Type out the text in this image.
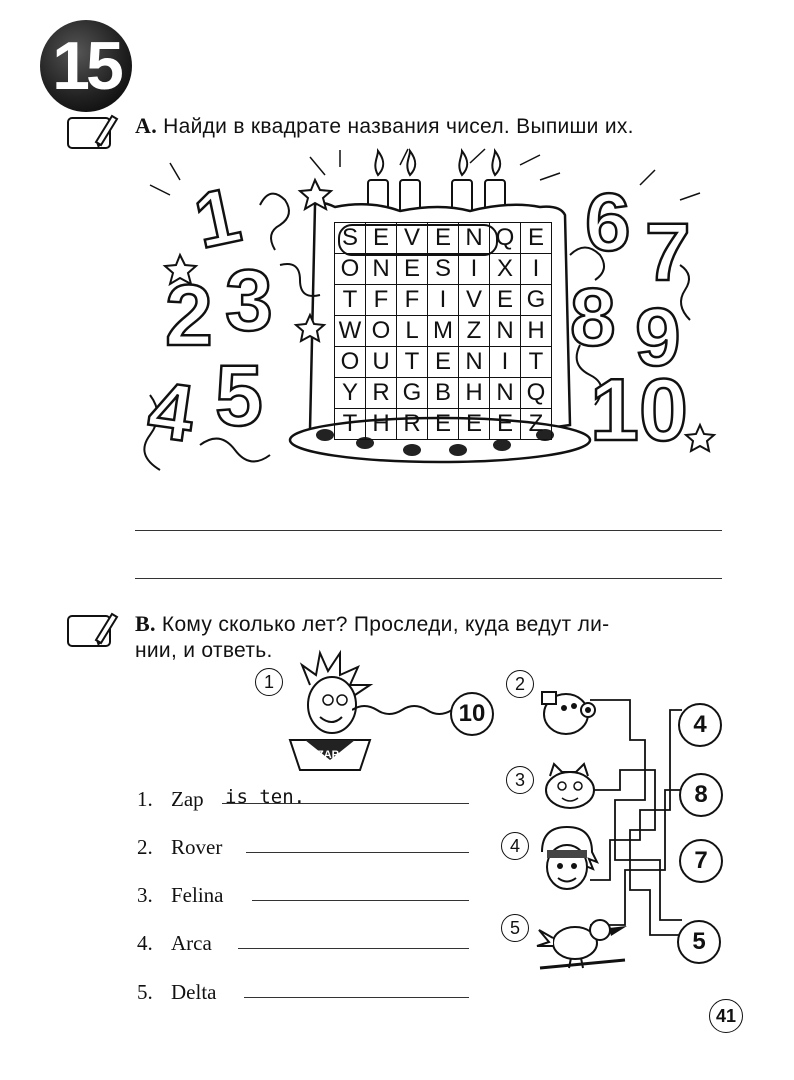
15
A. Найди в квадрате названия чисел. Выпиши их.
1
2 3
4 5
6 7
8 9
10
S	E	V	E	N	Q	E
O	N	E	S	I	X	I
T	F	F	I	V	E	G
W	O	L	M	Z	N	H
O	U	T	E	N	I	T
Y	R	G	B	H	N	Q
T	H	R	E	E	E	Z
B. Кому сколько лет? Проследи, куда ведут ли-
нии, и ответь.
1
ZAP
10
2
3
4
5
4
8
7
5
1. Zap is ten.
2. Rover
3. Felina
4. Arca
5. Delta
41
